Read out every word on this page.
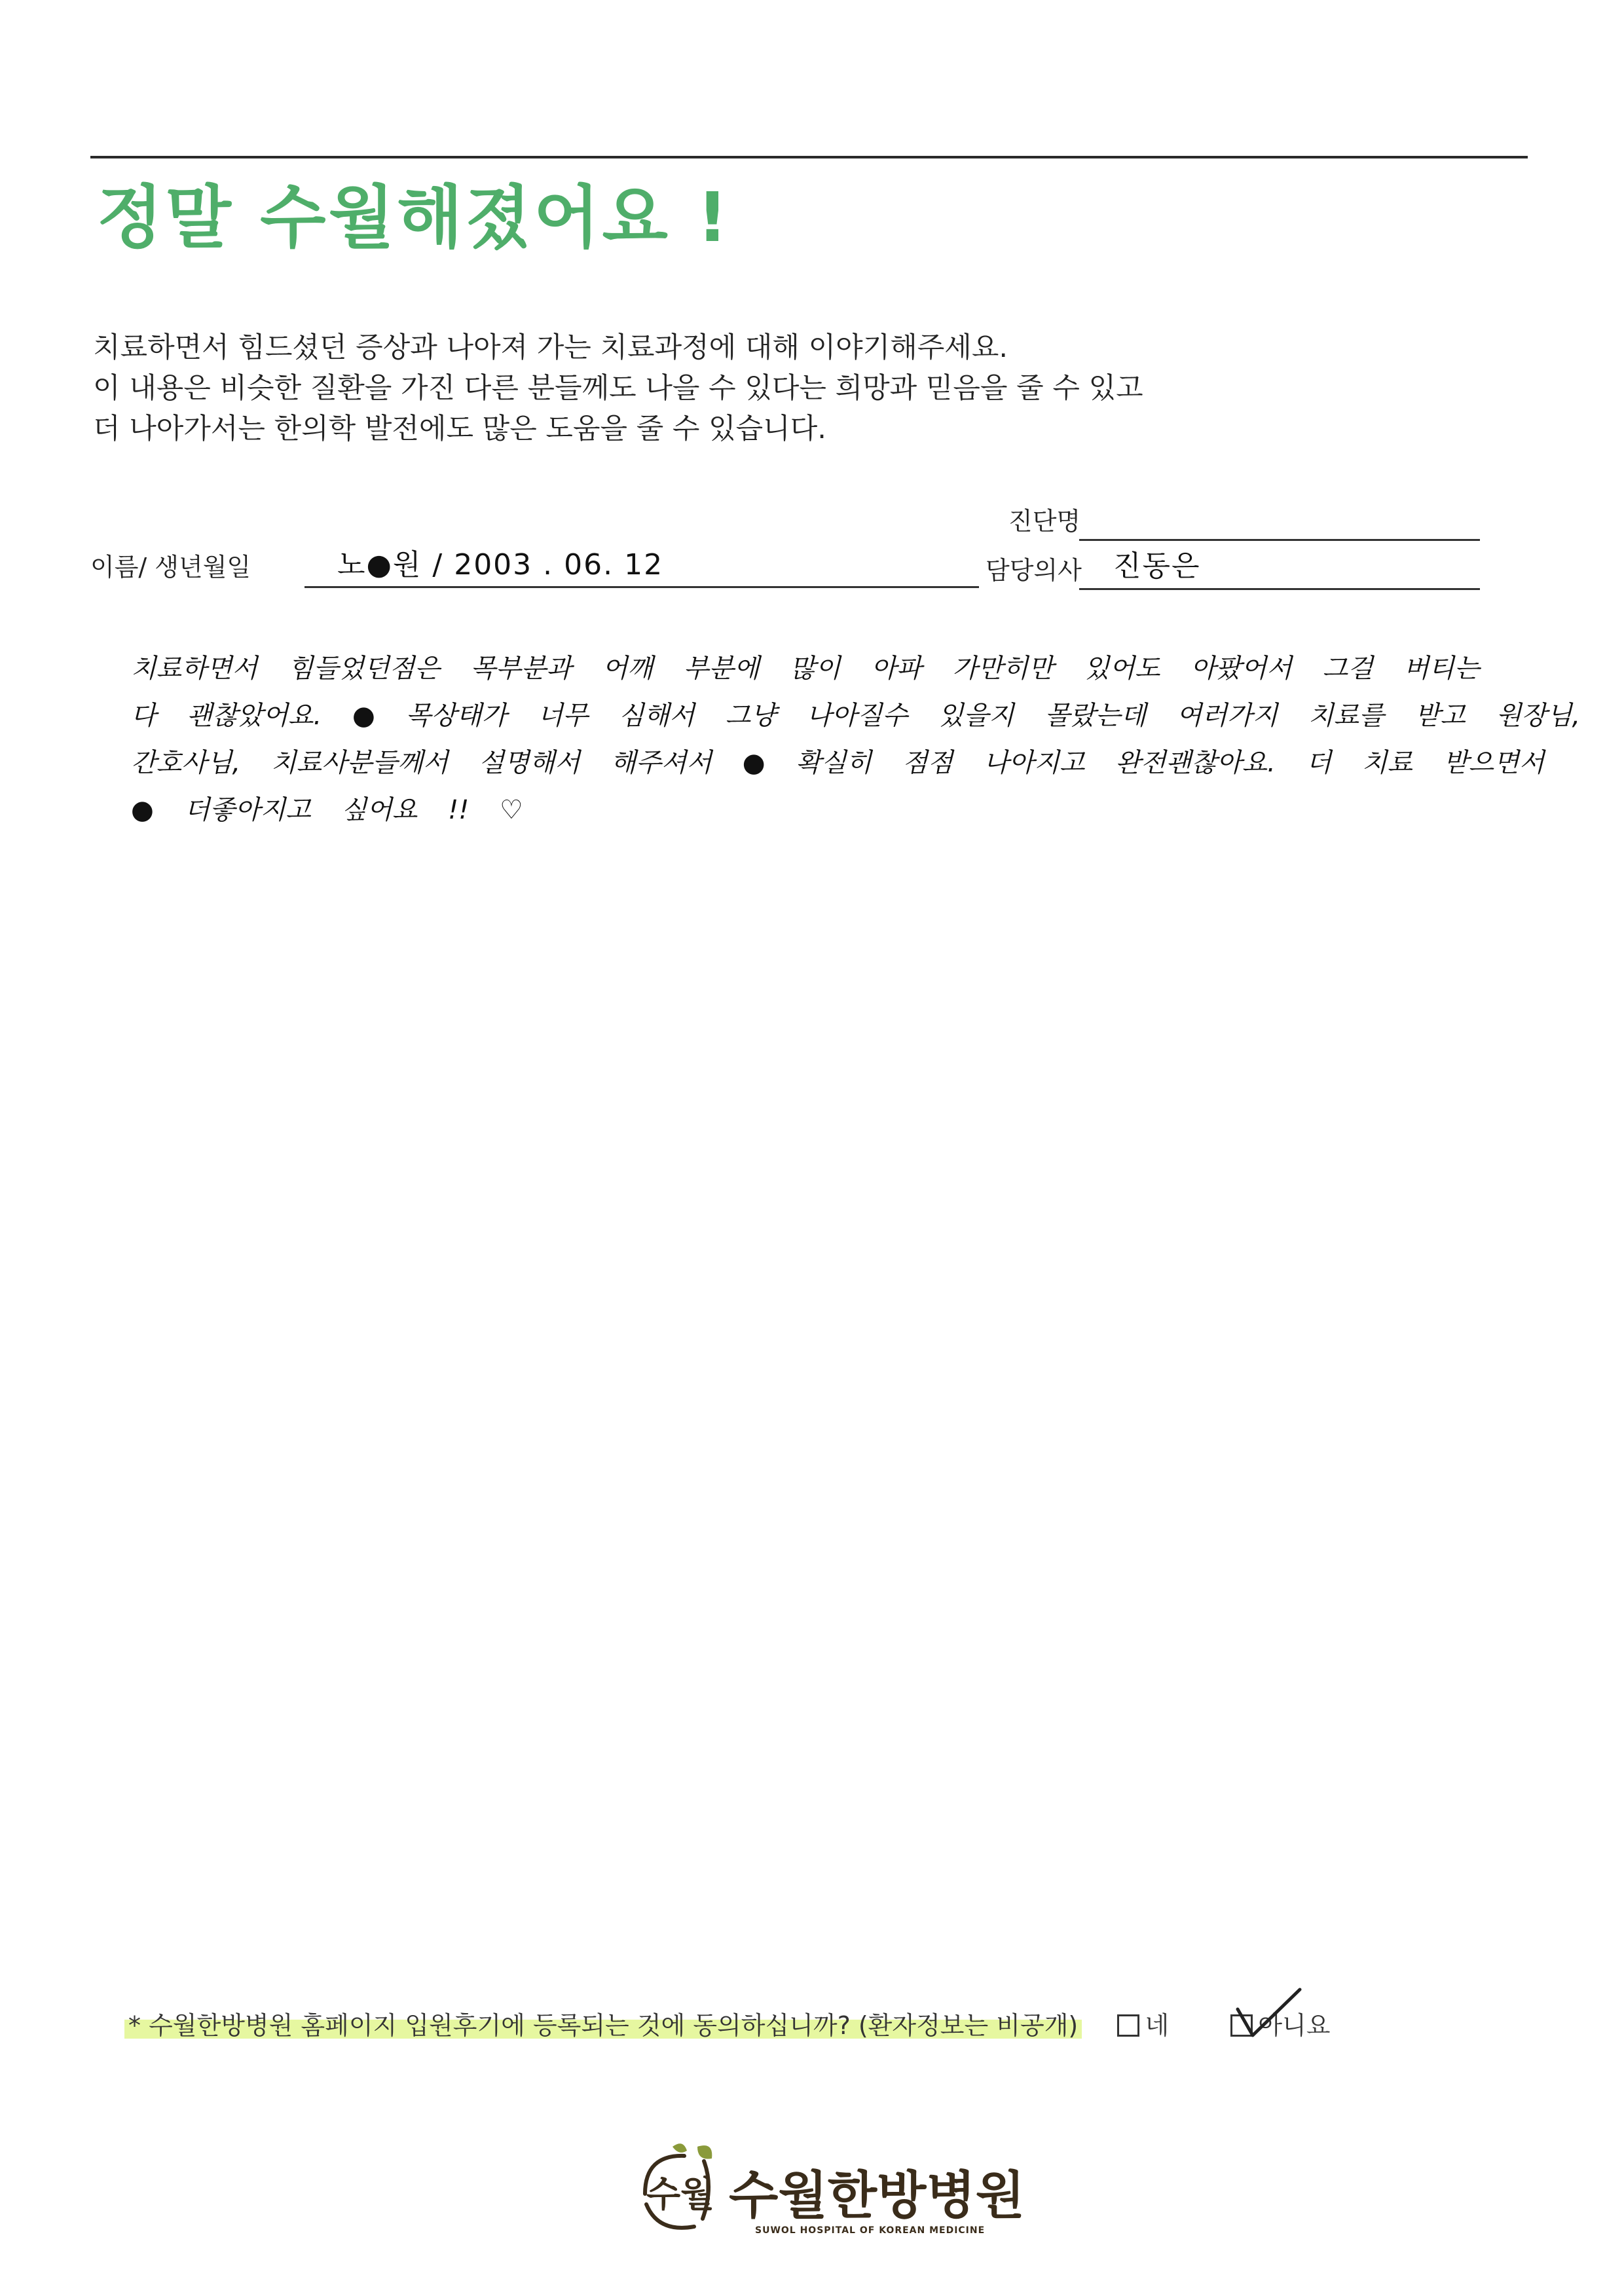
정말 수월해졌어요 !
치료하면서 힘드셨던 증상과 나아져 가는 치료과정에 대해 이야기해주세요.
이 내용은 비슷한 질환을 가진 다른 분들께도 나을 수 있다는 희망과 믿음을 줄 수 있고
더 나아가서는 한의학 발전에도 많은 도움을 줄 수 있습니다.
진단명
이름/ 생년월일	노●원 / 2003 . 06. 12	담당의사 진동은
치료하면서 힘들었던점은 목부분과 어깨 부분에 많이 아파 가만히만 있어도 아팠어서 그걸 버티는
다 괜찮았어요. ● 목상태가 너무 심해서 그냥 나아질수 있을지 몰랐는데 여러가지 치료를 받고 원장님,
간호사님, 치료사분들께서 설명해서 해주셔서 ● 확실히 점점 나아지고 완전괜찮아요. 더 치료 받으면서
● 더좋아지고 싶어요 !! ♡
* 수월한방병원 홈페이지 입원후기에 등록되는 것에 동의하십니까? (환자정보는 비공개)	네	아니요
수월 수월한방병원
SUWOL HOSPITAL OF KOREAN MEDICINE
